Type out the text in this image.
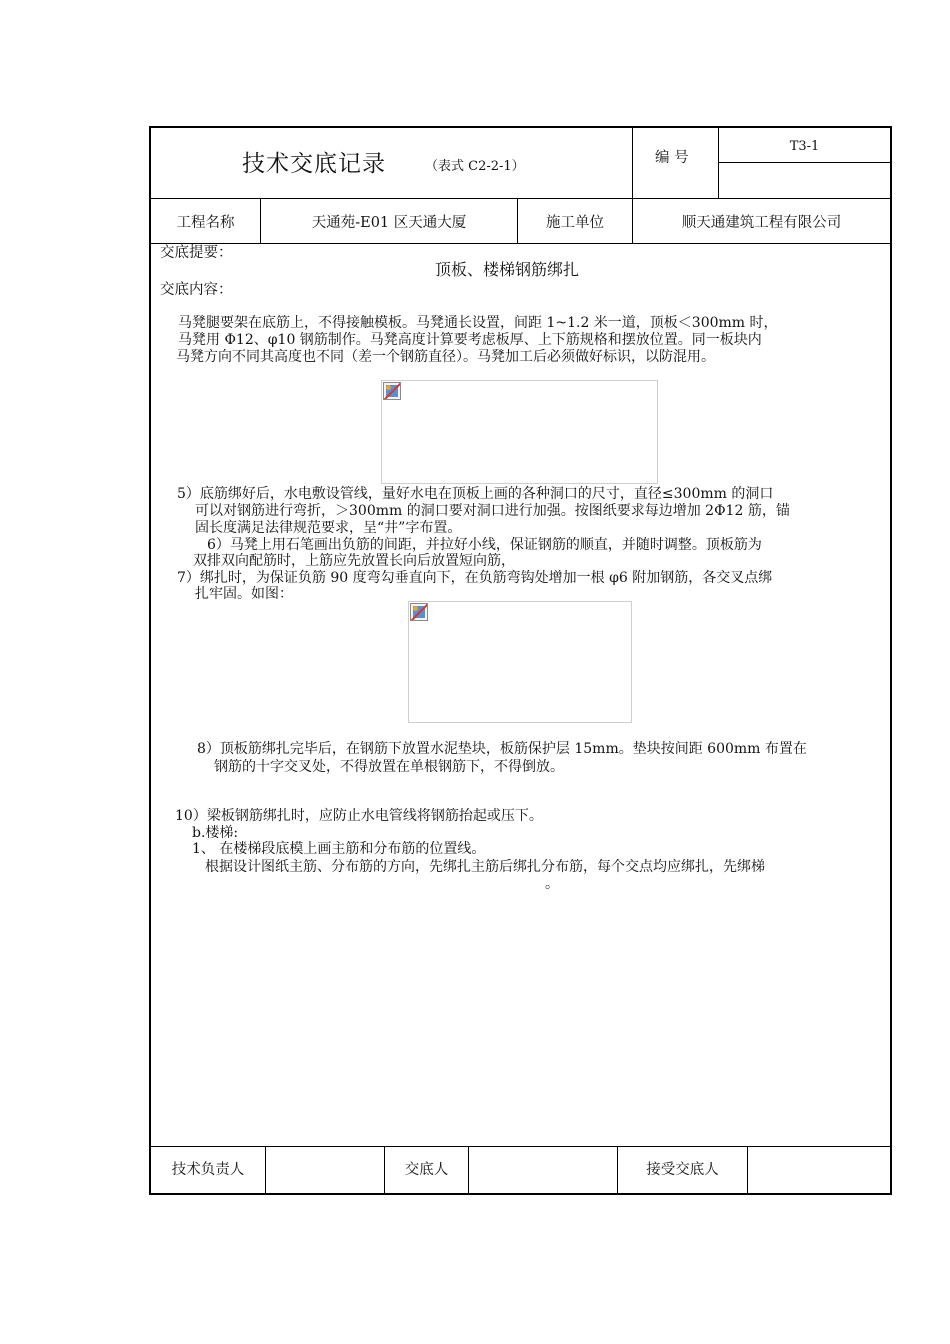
技术交底记录	（表式 C2-2-1）
编 号
T3-1
工程名称	天通苑-E01 区天通大厦	施工单位	顺天通建筑工程有限公司
交底提要：
顶板、楼梯钢筋绑扎
交底内容：
马凳腿要架在底筋上，不得接触模板。马凳通长设置，间距 1~1.2 米一道，顶板＜300mm 时，
马凳用 Φ12、φ10 钢筋制作。马凳高度计算要考虑板厚、上下筋规格和摆放位置。同一板块内
马凳方向不同其高度也不同（差一个钢筋直径）。马凳加工后必须做好标识，以防混用。
5）底筋绑好后，水电敷设管线，量好水电在顶板上画的各种洞口的尺寸，直径≤300mm 的洞口
可以对钢筋进行弯折，＞300mm 的洞口要对洞口进行加强。按图纸要求每边增加 2Φ12 筋，锚
固长度满足法律规范要求，呈“井”字布置。
6）马凳上用石笔画出负筋的间距，并拉好小线，保证钢筋的顺直，并随时调整。顶板筋为
双排双向配筋时，上筋应先放置长向后放置短向筋，
7）绑扎时，为保证负筋 90 度弯勾垂直向下，在负筋弯钩处增加一根 φ6 附加钢筋，各交叉点绑
扎牢固。如图：
8）顶板筋绑扎完毕后，在钢筋下放置水泥垫块，板筋保护层 15mm。垫块按间距 600mm 布置在
钢筋的十字交叉处，不得放置在单根钢筋下，不得倒放。
10）梁板钢筋绑扎时，应防止水电管线将钢筋抬起或压下。
b.楼梯:
1、 在楼梯段底模上画主筋和分布筋的位置线。
根据设计图纸主筋、分布筋的方向，先绑扎主筋后绑扎分布筋，每个交点均应绑扎，先绑梯
。
技术负责人	交底人	接受交底人
